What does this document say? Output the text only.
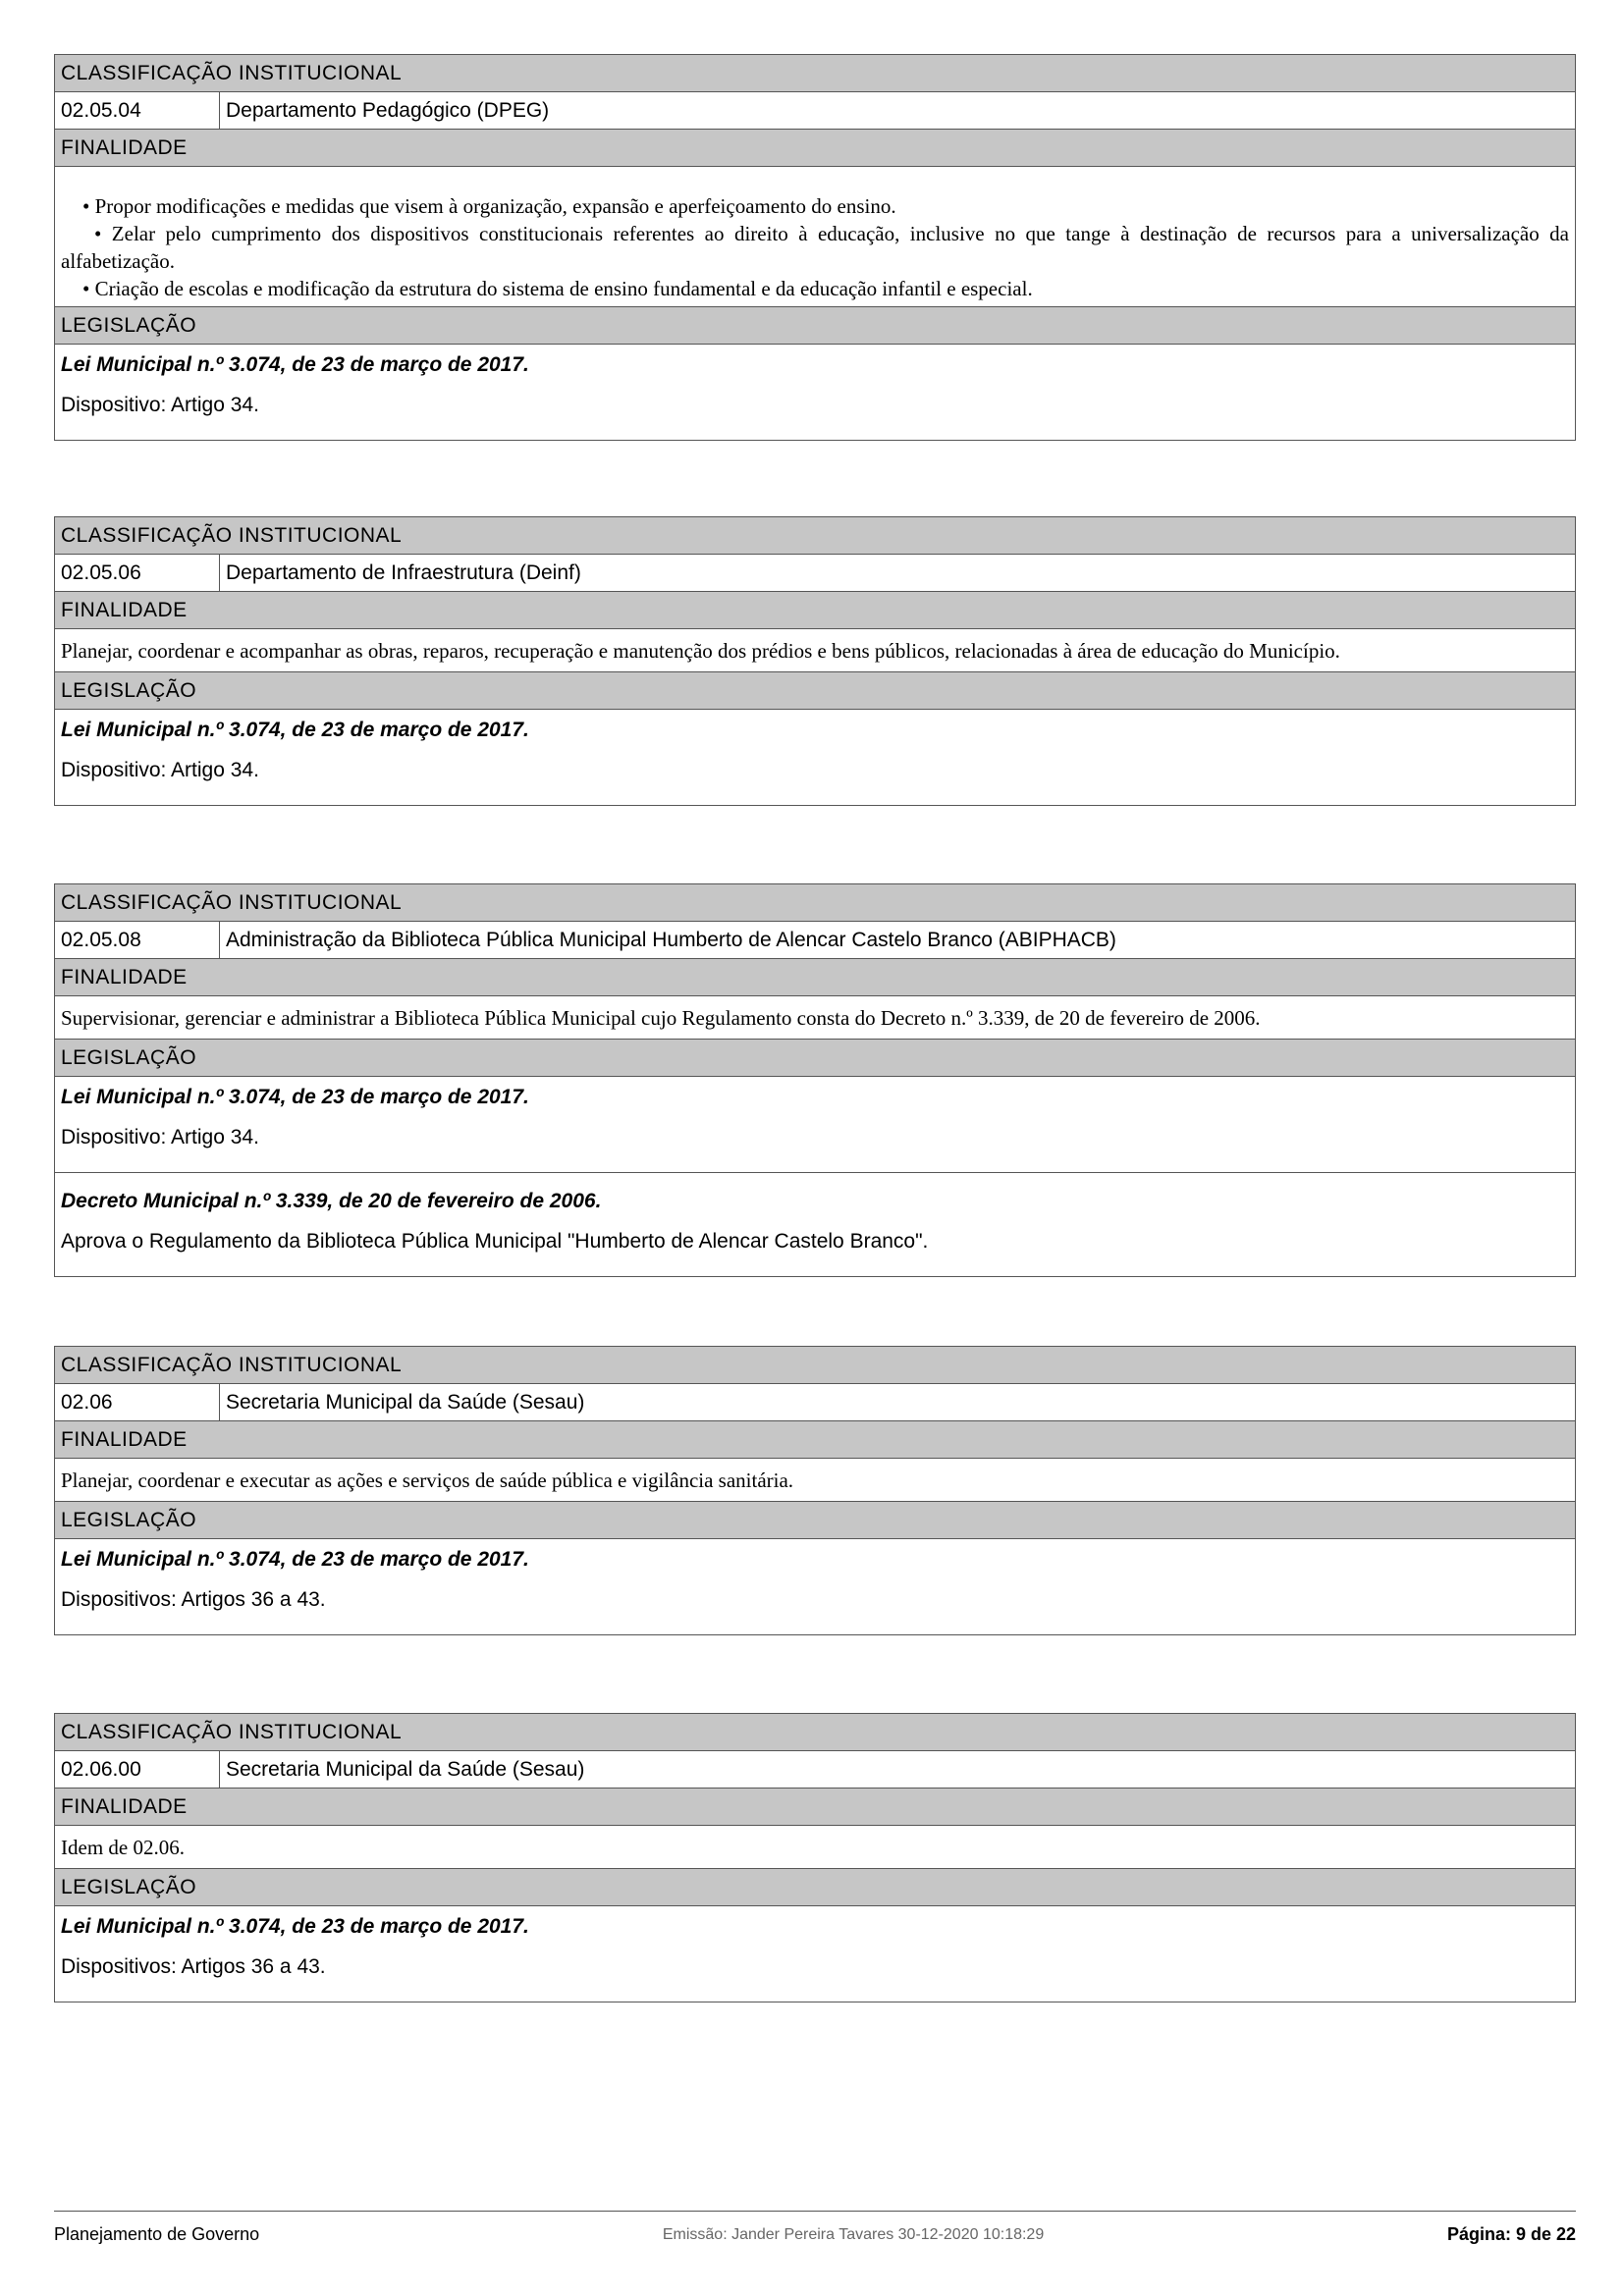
CLASSIFICAÇÃO INSTITUCIONAL
02.05.04	Departamento Pedagógico (DPEG)
FINALIDADE
• Propor modificações e medidas que visem à organização, expansão e aperfeiçoamento do ensino.
• Zelar pelo cumprimento dos dispositivos constitucionais referentes ao direito à educação, inclusive no que tange à destinação de recursos para a universalização da alfabetização.
• Criação de escolas e modificação da estrutura do sistema de ensino fundamental e da educação infantil e especial.
LEGISLAÇÃO
Lei Municipal n.º 3.074, de 23 de março de 2017.
Dispositivo: Artigo 34.
CLASSIFICAÇÃO INSTITUCIONAL
02.05.06	Departamento de Infraestrutura (Deinf)
FINALIDADE
Planejar, coordenar e acompanhar as obras, reparos, recuperação e manutenção dos prédios e bens públicos, relacionadas à área de educação do Município.
LEGISLAÇÃO
Lei Municipal n.º 3.074, de 23 de março de 2017.
Dispositivo: Artigo 34.
CLASSIFICAÇÃO INSTITUCIONAL
02.05.08	Administração da Biblioteca Pública Municipal Humberto de Alencar Castelo Branco (ABIPHACB)
FINALIDADE
Supervisionar, gerenciar e administrar a Biblioteca Pública Municipal cujo Regulamento consta do Decreto n.º 3.339, de 20 de fevereiro de 2006.
LEGISLAÇÃO
Lei Municipal n.º 3.074, de 23 de março de 2017.
Dispositivo: Artigo 34.
Decreto Municipal n.º 3.339, de 20 de fevereiro de 2006.
Aprova o Regulamento da Biblioteca Pública Municipal "Humberto de Alencar Castelo Branco".
CLASSIFICAÇÃO INSTITUCIONAL
02.06	Secretaria Municipal da Saúde (Sesau)
FINALIDADE
Planejar, coordenar e executar as ações e serviços de saúde pública e vigilância sanitária.
LEGISLAÇÃO
Lei Municipal n.º 3.074, de 23 de março de 2017.
Dispositivos: Artigos 36 a 43.
CLASSIFICAÇÃO INSTITUCIONAL
02.06.00	Secretaria Municipal da Saúde (Sesau)
FINALIDADE
Idem de 02.06.
LEGISLAÇÃO
Lei Municipal n.º 3.074, de 23 de março de 2017.
Dispositivos: Artigos 36 a 43.
Planejamento de Governo	Emissão: Jander Pereira Tavares 30-12-2020 10:18:29	Página: 9 de 22
